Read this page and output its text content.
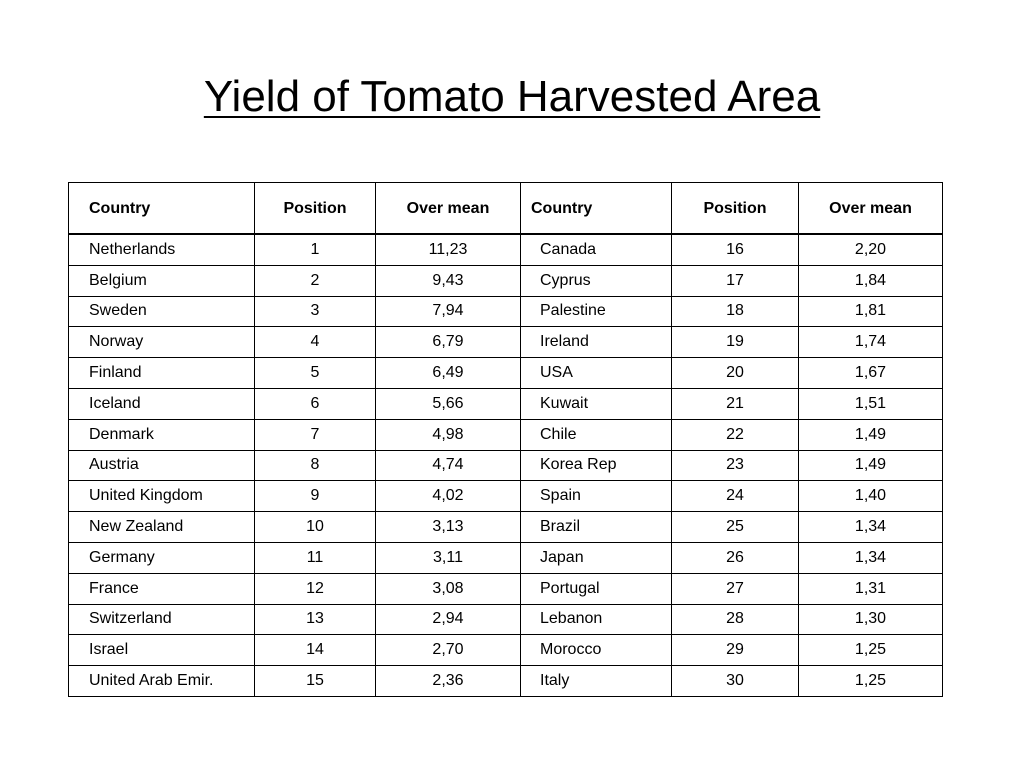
Yield of Tomato Harvested Area
Country	Position	Over mean	Country	Position	Over mean
Netherlands	1	11,23	Canada	16	2,20
Belgium	2	9,43	Cyprus	17	1,84
Sweden	3	7,94	Palestine	18	1,81
Norway	4	6,79	Ireland	19	1,74
Finland	5	6,49	USA	20	1,67
Iceland	6	5,66	Kuwait	21	1,51
Denmark	7	4,98	Chile	22	1,49
Austria	8	4,74	Korea Rep	23	1,49
United Kingdom	9	4,02	Spain	24	1,40
New Zealand	10	3,13	Brazil	25	1,34
Germany	11	3,11	Japan	26	1,34
France	12	3,08	Portugal	27	1,31
Switzerland	13	2,94	Lebanon	28	1,30
Israel	14	2,70	Morocco	29	1,25
United Arab Emir.	15	2,36	Italy	30	1,25
